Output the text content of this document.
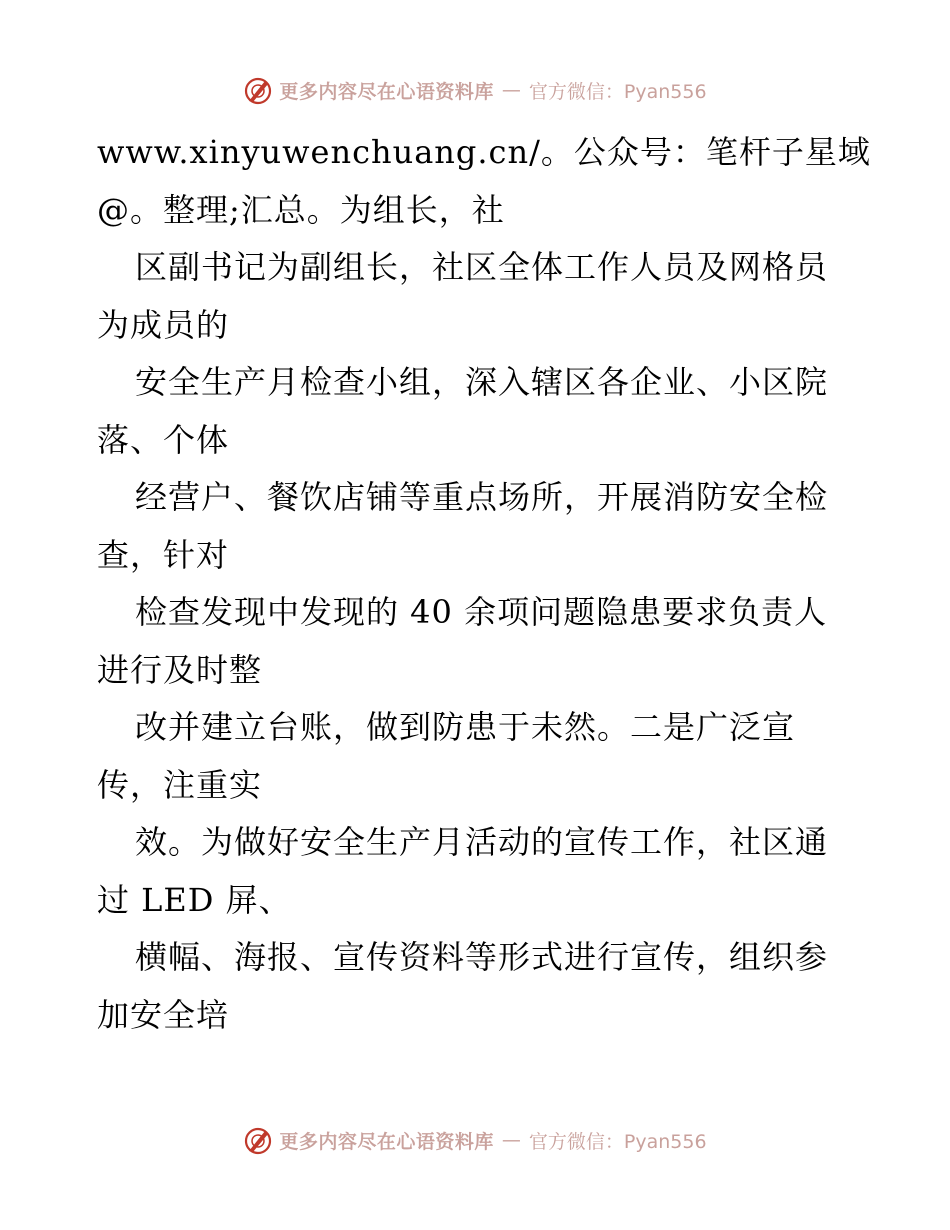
更多内容尽在心语资料库 — 官方微信：Pyan556
www.xinyuwenchuang.cn/。公众号：笔杆子星域
@。整理;汇总。为组长，社
区副书记为副组长，社区全体工作人员及网格员
为成员的
安全生产月检查小组，深入辖区各企业、小区院
落、个体
经营户、餐饮店铺等重点场所，开展消防安全检
查，针对
检查发现中发现的 40 余项问题隐患要求负责人
进行及时整
改并建立台账，做到防患于未然。二是广泛宣
传，注重实
效。为做好安全生产月活动的宣传工作，社区通
过 LED 屏、
横幅、海报、宣传资料等形式进行宣传，组织参
加安全培
更多内容尽在心语资料库 — 官方微信：Pyan556
